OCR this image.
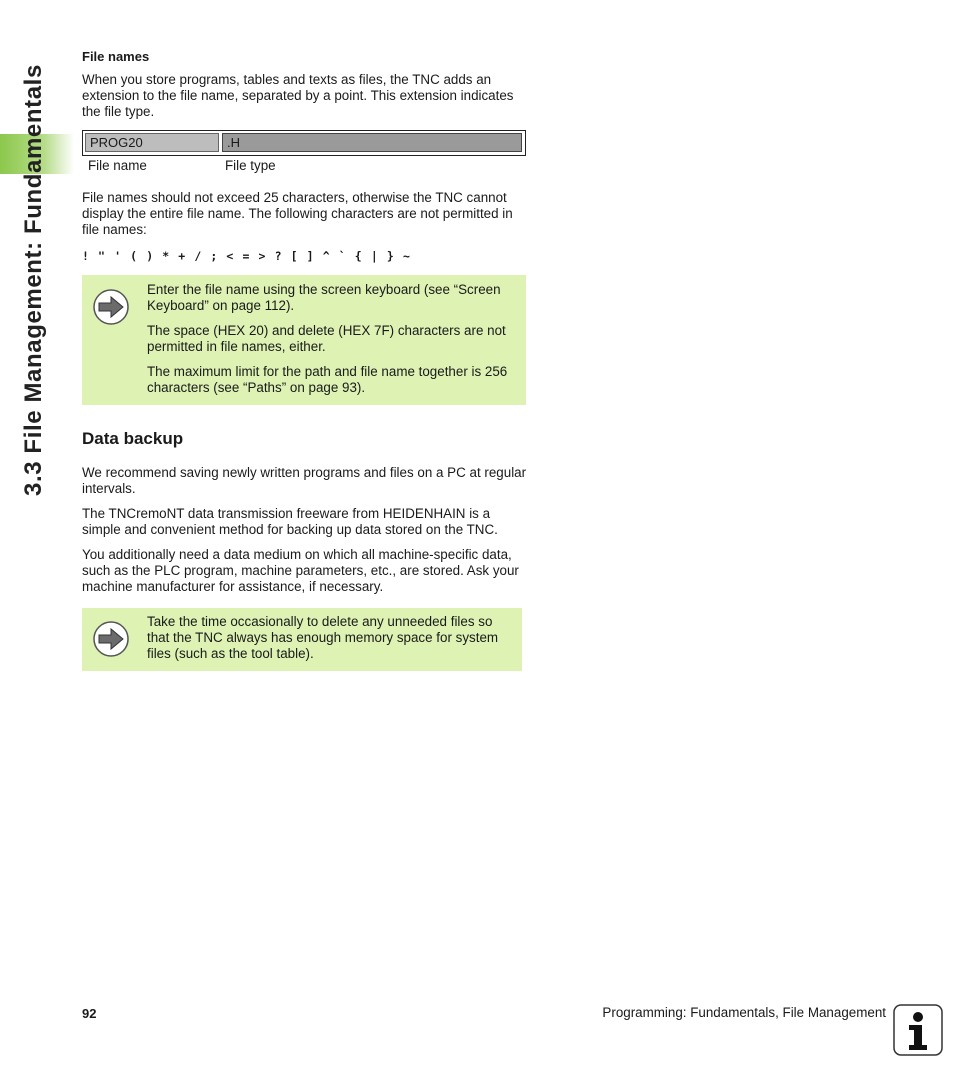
3.3 File Management: Fundamentals
File names

When you store programs, tables and texts as files, the TNC adds an extension to the file name, separated by a point. This extension indicates the file type.

PROG20	.H
File name	File type

File names should not exceed 25 characters, otherwise the TNC cannot display the entire file name. The following characters are not permitted in file names:

! " ' ( ) * + / ; < = > ? [ ] ^ ` { | } ~

Enter the file name using the screen keyboard (see “Screen Keyboard” on page 112).

The space (HEX 20) and delete (HEX 7F) characters are not permitted in file names, either.

The maximum limit for the path and file name together is 256 characters (see “Paths” on page 93).

Data backup

We recommend saving newly written programs and files on a PC at regular intervals.

The TNCremoNT data transmission freeware from HEIDENHAIN is a simple and convenient method for backing up data stored on the TNC.

You additionally need a data medium on which all machine-specific data, such as the PLC program, machine parameters, etc., are stored. Ask your machine manufacturer for assistance, if necessary.

Take the time occasionally to delete any unneeded files so that the TNC always has enough memory space for system files (such as the tool table).

92	Programming: Fundamentals, File Management
